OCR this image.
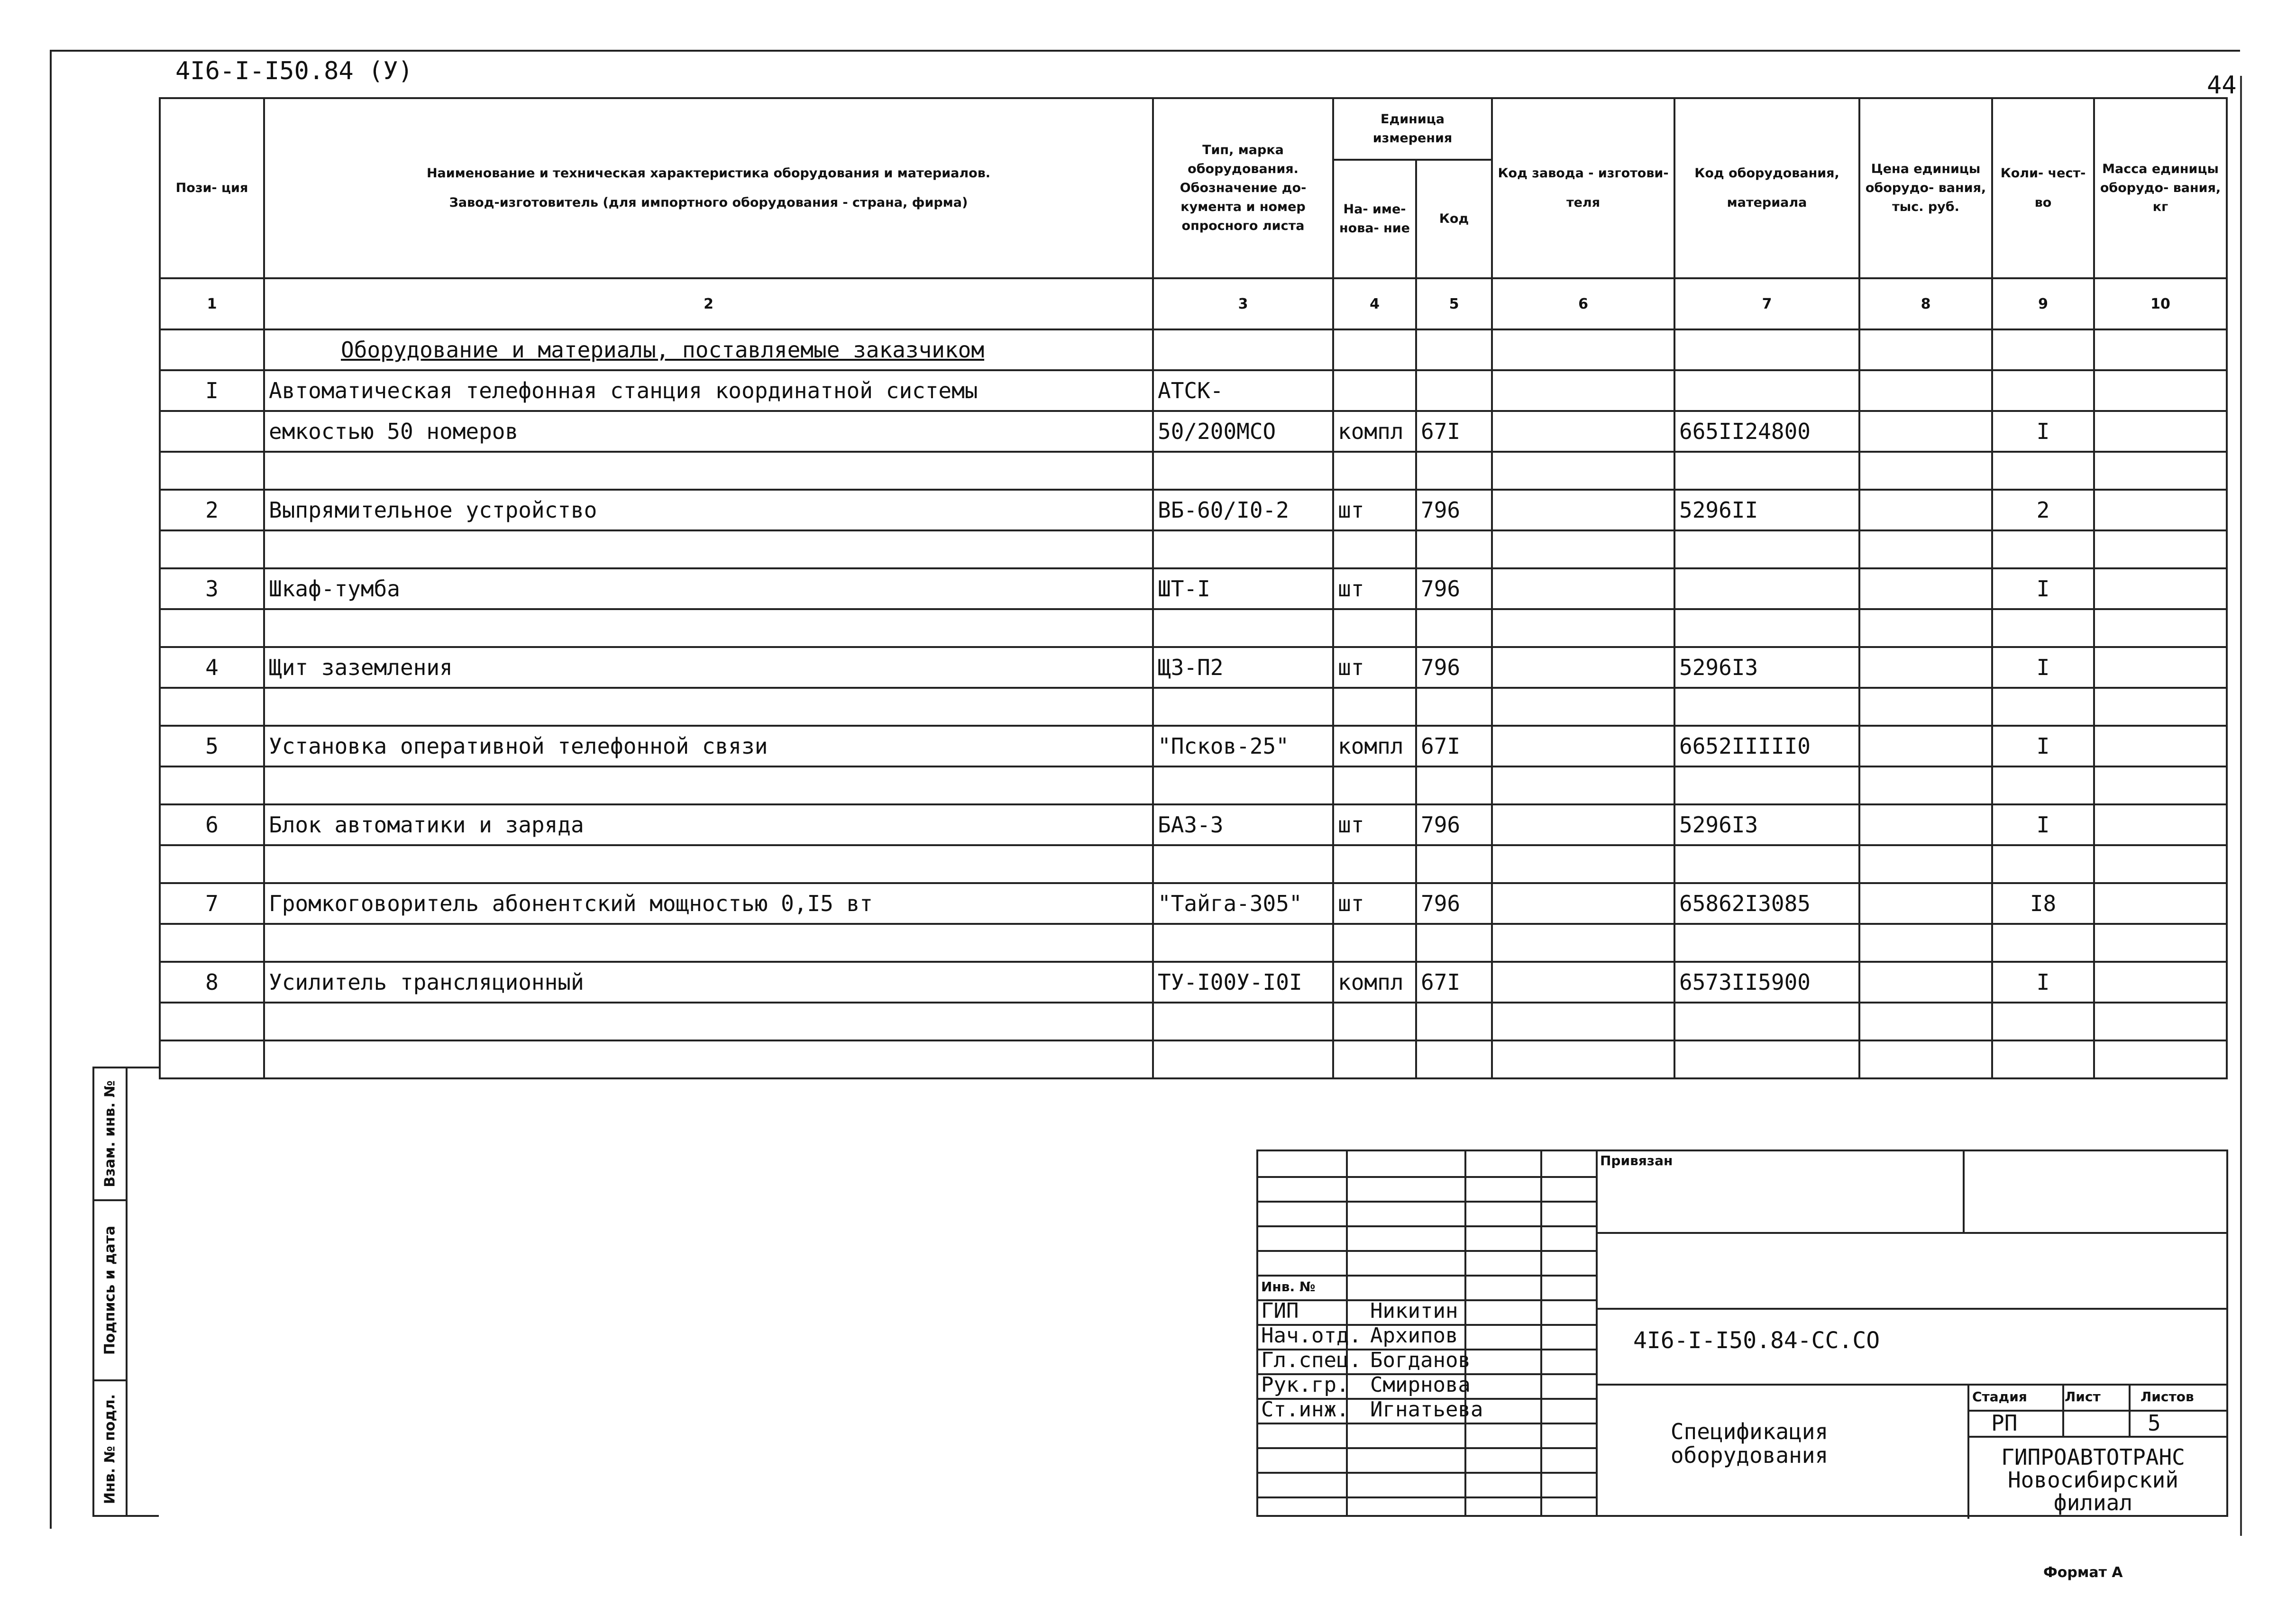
4I6-I-I50.84 (У)	44
Пози- ция	Наименование и техническая характеристика оборудования и материалов.
Завод-изготовитель (для импортного оборудования - страна, фирма)	Тип, марка оборудования. Обозначение до- кумента и номер опросного листа	Единица измерения		Код завода - изготови- теля	Код оборудования, материала	Цена единицы оборудо- вания, тыс. руб.	Коли- чест- во	Масса единицы оборудо- вания, кг
			На- име- нова- ние	Код					
1	2	3	4	5	6	7	8	9	10
	Оборудование и материалы, поставляемые заказчиком								
I	Автоматическая телефонная станция координатной системы	АТСК-							
	емкостью 50 номеров	50/200МСО	компл	67I		665II24800		I	

2	Выпрямительное устройство	ВБ-60/I0-2	шт	796		5296II		2	

3	Шкаф-тумба	ШТ-I	шт	796				I	

4	Щит заземления	ЩЗ-П2	шт	796		5296I3		I	

5	Установка оперативной телефонной связи	"Псков-25"	компл	67I		6652IIIII0		I	

6	Блок автоматики и заряда	БАЗ-3	шт	796		5296I3		I	

7	Громкоговоритель абонентский мощностью 0,I5 вт	"Тайга-305"	шт	796		65862I3085		I8	

8	Усилитель трансляционный	ТУ-I00У-I0I	компл	67I		6573II5900		I	

Взам. инв. №
Подпись и дата
Инв. № подл.
Инв. №
ГИП	Никитин
Нач.отд. Архипов
Гл.спец. Богданов
Рук.гр. Смирнова
Ст.инж. Игнатьева
Привязан
4I6-I-I50.84-СС.СО
Спецификация
оборудования
Стадия	Лист	Листов
РП	5
ГИПРОАВТОТРАНС
Новосибирский
филиал
Формат А
